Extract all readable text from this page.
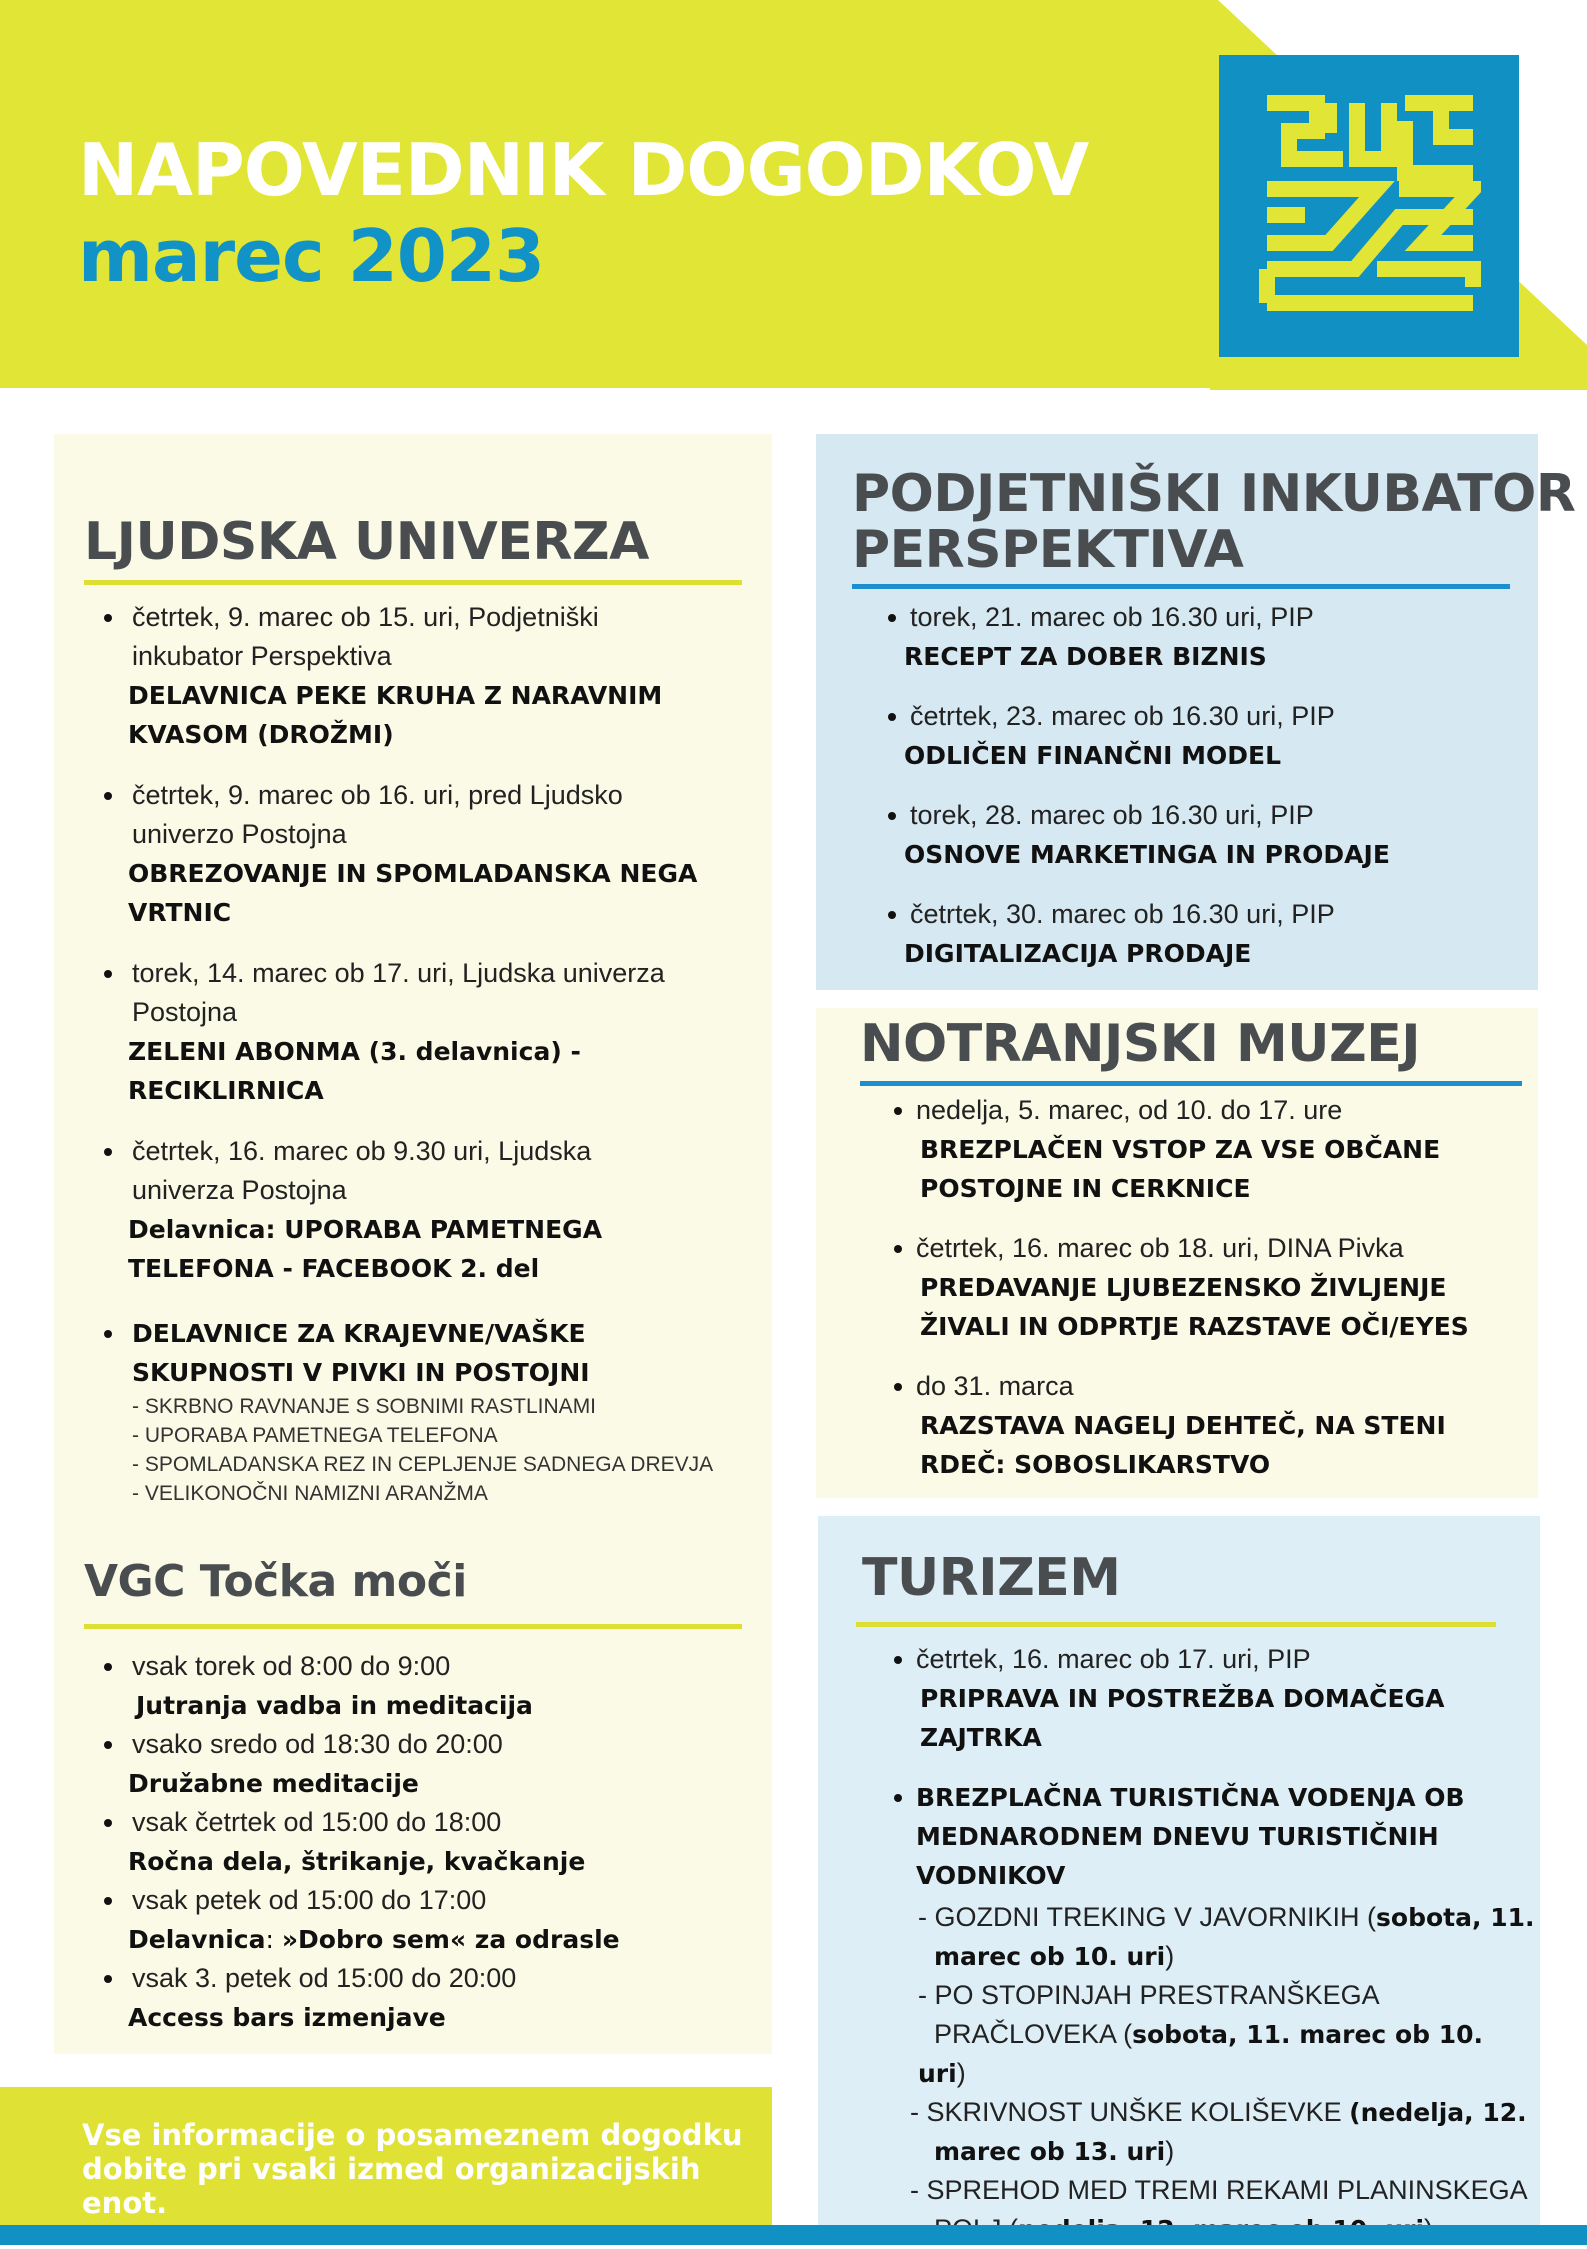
NAPOVEDNIK DOGODKOV
marec 2023
LJUDSKA UNIVERZA
četrtek, 9. marec ob 15. uri, Podjetniški
inkubator Perspektiva
DELAVNICA PEKE KRUHA Z NARAVNIM
KVASOM (DROŽMI)
četrtek, 9. marec ob 16. uri, pred Ljudsko
univerzo Postojna
OBREZOVANJE IN SPOMLADANSKA NEGA
VRTNIC
torek, 14. marec ob 17. uri, Ljudska univerza
Postojna
ZELENI ABONMA (3. delavnica) -
RECIKLIRNICA
četrtek, 16. marec ob 9.30 uri, Ljudska
univerza Postojna
Delavnica: UPORABA PAMETNEGA
TELEFONA - FACEBOOK 2. del
DELAVNICE ZA KRAJEVNE/VAŠKE
SKUPNOSTI V PIVKI IN POSTOJNI
- SKRBNO RAVNANJE S SOBNIMI RASTLINAMI
- UPORABA PAMETNEGA TELEFONA
- SPOMLADANSKA REZ IN CEPLJENJE SADNEGA DREVJA
- VELIKONOČNI NAMIZNI ARANŽMA
VGC Točka moči
vsak torek od 8:00 do 9:00
Jutranja vadba in meditacija
vsako sredo od 18:30 do 20:00
Družabne meditacije
vsak četrtek od 15:00 do 18:00
Ročna dela, štrikanje, kvačkanje
vsak petek od 15:00 do 17:00
Delavnica: »Dobro sem« za odrasle
vsak 3. petek od 15:00 do 20:00
Access bars izmenjave
Vse informacije o posameznem dogodku
dobite pri vsaki izmed organizacijskih enot.
PODJETNIŠKI INKUBATOR
PERSPEKTIVA
torek, 21. marec ob 16.30 uri, PIP
RECEPT ZA DOBER BIZNIS
četrtek, 23. marec ob 16.30 uri, PIP
ODLIČEN FINANČNI MODEL
torek, 28. marec ob 16.30 uri, PIP
OSNOVE MARKETINGA IN PRODAJE
četrtek, 30. marec ob 16.30 uri, PIP
DIGITALIZACIJA PRODAJE
NOTRANJSKI MUZEJ
nedelja, 5. marec, od 10. do 17. ure
BREZPLAČEN VSTOP ZA VSE OBČANE
POSTOJNE IN CERKNICE
četrtek, 16. marec ob 18. uri, DINA Pivka
PREDAVANJE LJUBEZENSKO ŽIVLJENJE
ŽIVALI IN ODPRTJE RAZSTAVE OČI/EYES
do 31. marca
RAZSTAVA NAGELJ DEHTEČ, NA STENI
RDEČ: SOBOSLIKARSTVO
TURIZEM
četrtek, 16. marec ob 17. uri, PIP
PRIPRAVA IN POSTREŽBA DOMAČEGA
ZAJTRKA
BREZPLAČNA TURISTIČNA VODENJA OB
MEDNARODNEM DNEVU TURISTIČNIH
VODNIKOV
- GOZDNI TREKING V JAVORNIKIH (sobota, 11.
marec ob 10. uri)
- PO STOPINJAH PRESTRANŠKEGA
PRAČLOVEKA (sobota, 11. marec ob 10. uri)
- SKRIVNOST UNŠKE KOLIŠEVKE (nedelja, 12.
marec ob 13. uri)
- SPREHOD MED TREMI REKAMI PLANINSKEGA
